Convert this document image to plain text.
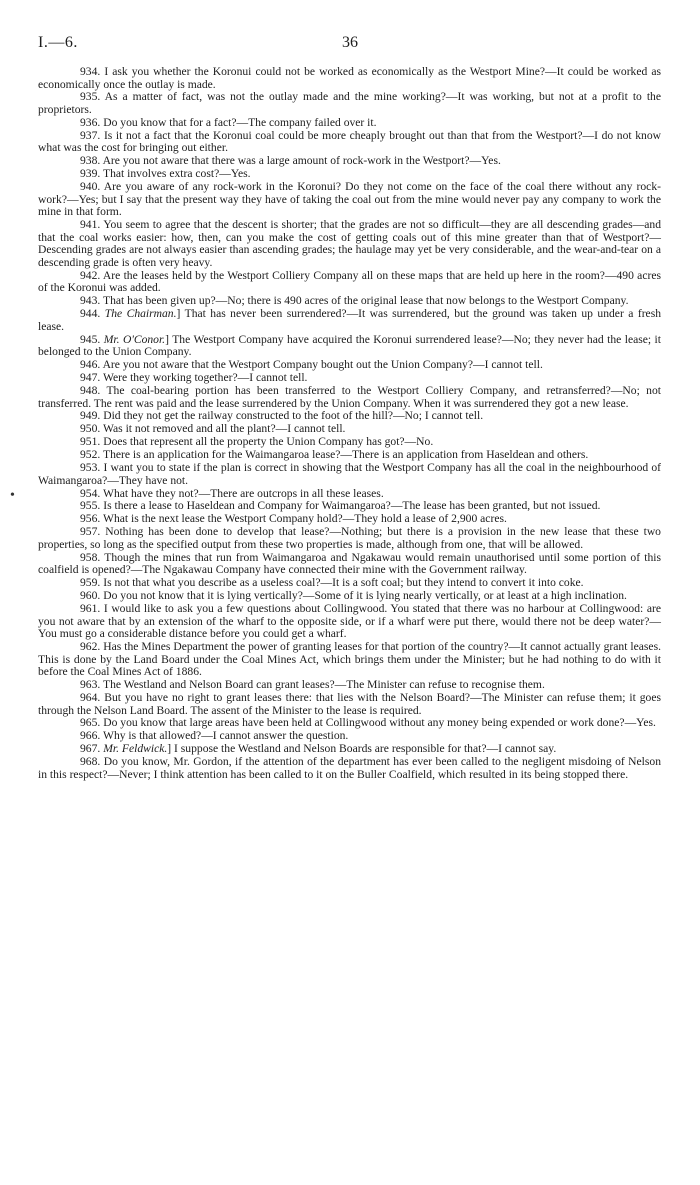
I.—6.	36

934. I ask you whether the Koronui could not be worked as economically as the Westport Mine?—It could be worked as economically once the outlay is made.

935. As a matter of fact, was not the outlay made and the mine working?—It was working, but not at a profit to the proprietors.

936. Do you know that for a fact?—The company failed over it.

937. Is it not a fact that the Koronui coal could be more cheaply brought out than that from the Westport?—I do not know what was the cost for bringing out either.

938. Are you not aware that there was a large amount of rock-work in the Westport?—Yes.

939. That involves extra cost?—Yes.

940. Are you aware of any rock-work in the Koronui? Do they not come on the face of the coal there without any rock-work?—Yes; but I say that the present way they have of taking the coal out from the mine would never pay any company to work the mine in that form.

941. You seem to agree that the descent is shorter; that the grades are not so difficult—they are all descending grades—and that the coal works easier: how, then, can you make the cost of getting coals out of this mine greater than that of Westport?—Descending grades are not always easier than ascending grades; the haulage may yet be very considerable, and the wear-and-tear on a descending grade is often very heavy.

942. Are the leases held by the Westport Colliery Company all on these maps that are held up here in the room?—490 acres of the Koronui was added.

943. That has been given up?—No; there is 490 acres of the original lease that now belongs to the Westport Company.

944. The Chairman.] That has never been surrendered?—It was surrendered, but the ground was taken up under a fresh lease.

945. Mr. O'Conor.] The Westport Company have acquired the Koronui surrendered lease?—No; they never had the lease; it belonged to the Union Company.

946. Are you not aware that the Westport Company bought out the Union Company?—I cannot tell.

947. Were they working together?—I cannot tell.

948. The coal-bearing portion has been transferred to the Westport Colliery Company, and retransferred?—No; not transferred. The rent was paid and the lease surrendered by the Union Company. When it was surrendered they got a new lease.

949. Did they not get the railway constructed to the foot of the hill?—No; I cannot tell.

950. Was it not removed and all the plant?—I cannot tell.

951. Does that represent all the property the Union Company has got?—No.

952. There is an application for the Waimangaroa lease?—There is an application from Haseldean and others.

953. I want you to state if the plan is correct in showing that the Westport Company has all the coal in the neighbourhood of Waimangaroa?—They have not.

954. What have they not?—There are outcrops in all these leases.

955. Is there a lease to Haseldean and Company for Waimangaroa?—The lease has been granted, but not issued.

956. What is the next lease the Westport Company hold?—They hold a lease of 2,900 acres.

957. Nothing has been done to develop that lease?—Nothing; but there is a provision in the new lease that these two properties, so long as the specified output from these two properties is made, although from one, that will be allowed.

958. Though the mines that run from Waimangaroa and Ngakawau would remain unauthorised until some portion of this coalfield is opened?—The Ngakawau Company have connected their mine with the Government railway.

959. Is not that what you describe as a useless coal?—It is a soft coal; but they intend to convert it into coke.

960. Do you not know that it is lying vertically?—Some of it is lying nearly vertically, or at least at a high inclination.

961. I would like to ask you a few questions about Collingwood. You stated that there was no harbour at Collingwood: are you not aware that by an extension of the wharf to the opposite side, or if a wharf were put there, would there not be deep water?—You must go a considerable distance before you could get a wharf.

962. Has the Mines Department the power of granting leases for that portion of the country?—It cannot actually grant leases. This is done by the Land Board under the Coal Mines Act, which brings them under the Minister; but he had nothing to do with it before the Coal Mines Act of 1886.

963. The Westland and Nelson Board can grant leases?—The Minister can refuse to recognise them.

964. But you have no right to grant leases there: that lies with the Nelson Board?—The Minister can refuse them; it goes through the Nelson Land Board. The assent of the Minister to the lease is required.

965. Do you know that large areas have been held at Collingwood without any money being expended or work done?—Yes.

966. Why is that allowed?—I cannot answer the question.

967. Mr. Feldwick.] I suppose the Westland and Nelson Boards are responsible for that?—I cannot say.

968. Do you know, Mr. Gordon, if the attention of the department has ever been called to the negligent misdoing of Nelson in this respect?—Never; I think attention has been called to it on the Buller Coalfield, which resulted in its being stopped there.

•
